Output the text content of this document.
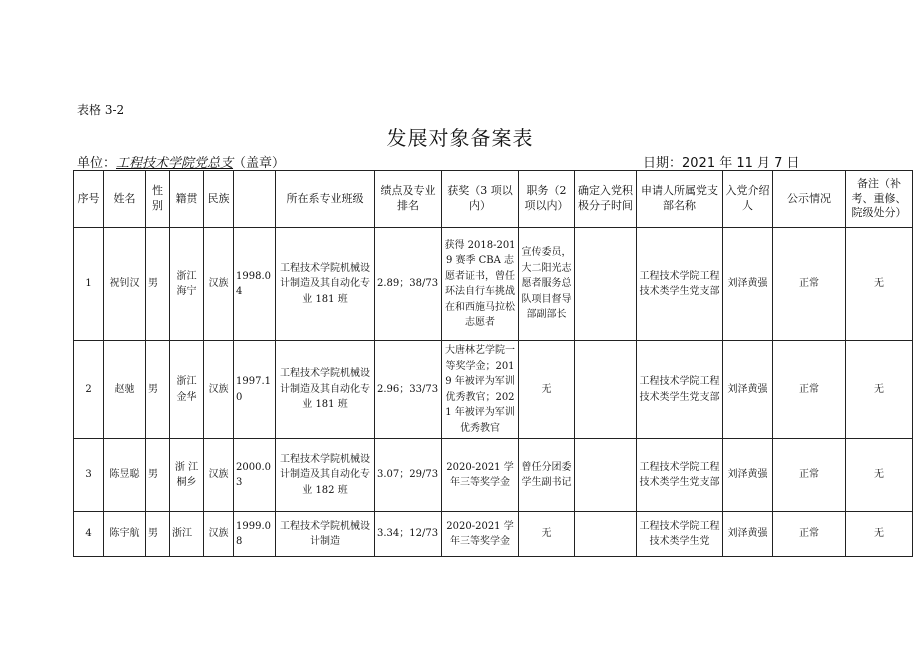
表格 3-2
发展对象备案表
单位：工程技术学院党总支（盖章）	日期：2021 年 11 月 7 日
序号	姓名	性别	籍贯	民族		所在系专业班级	绩点及专业排名	获奖（3 项以内）	职务（2 项以内）	确定入党积极分子时间	申请人所属党支部名称	入党介绍人	公示情况	备注（补考、重修、院级处分）
1	祝钊汉	男	浙江海宁	汉族	1998.04	工程技术学院机械设计制造及其自动化专业 181 班	2.89；38/73	获得 2018-2019 赛季 CBA 志愿者证书，曾任环法自行车挑战在和西施马拉松志愿者	宣传委员，大二阳光志愿者服务总队项目督导部副部长		工程技术学院工程技术类学生党支部	刘泽黄强	正常	无
2	赵驰	男	浙江金华	汉族	1997.10	工程技术学院机械设计制造及其自动化专业 181 班	2.96；33/73	大唐林艺学院一等奖学金；2019 年被评为军训优秀教官；2021 年被评为军训优秀教官	无		工程技术学院工程技术类学生党支部	刘泽黄强	正常	无
3	陈昱聪	男	浙 江桐乡	汉族	2000.03	工程技术学院机械设计制造及其自动化专业 182 班	3.07；29/73	2020-2021 学年三等奖学金	曾任分团委学生副书记		工程技术学院工程技术类学生党支部	刘泽黄强	正常	无
4	陈宇航	男	浙江	汉族	1999.08	工程技术学院机械设计制造	3.34；12/73	2020-2021 学年三等奖学金	无		工程技术学院工程技术类学生党	刘泽黄强	正常	无
